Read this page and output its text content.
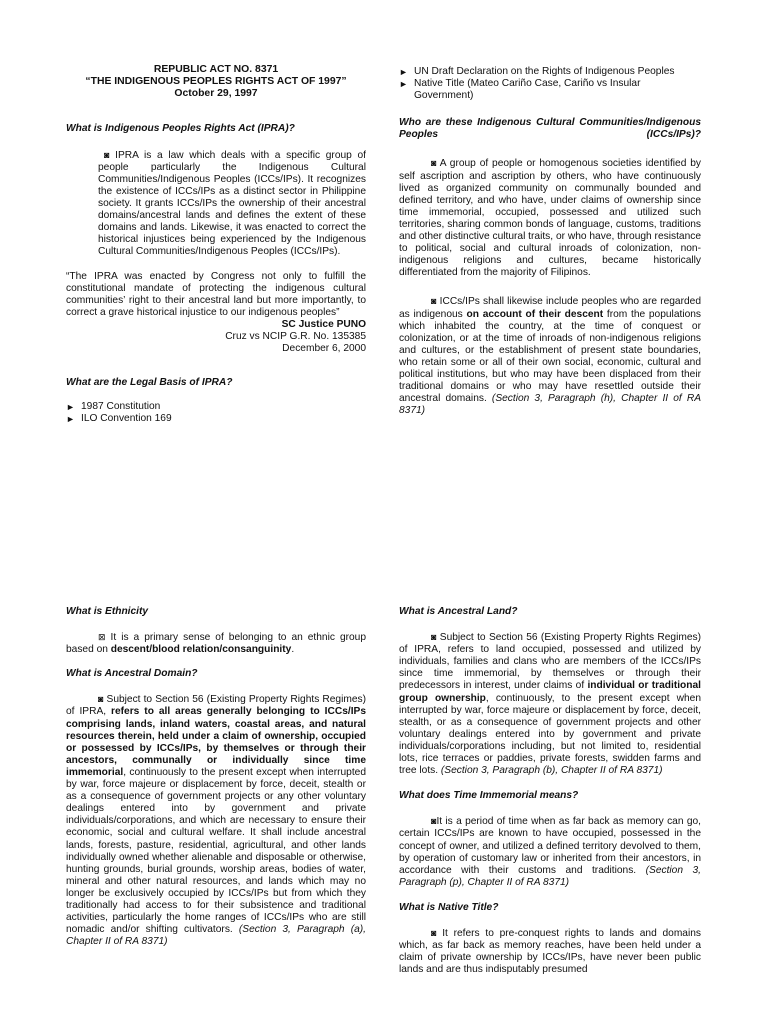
REPUBLIC ACT NO. 8371

“THE INDIGENOUS PEOPLES RIGHTS ACT OF 1997”

October 29, 1997

What is Indigenous Peoples Rights Act (IPRA)?

◙ IPRA is a law which deals with a specific group of people particularly the Indigenous Cultural Communities/Indigenous Peoples (ICCs/IPs). It recognizes the existence of ICCs/IPs as a distinct sector in Philippine society. It grants ICCs/IPs the ownership of their ancestral domains/ancestral lands and defines the extent of these domains and lands. Likewise, it was enacted to correct the historical injustices being experienced by the Indigenous Cultural Communities/Indigenous Peoples (ICCs/IPs).

“The IPRA was enacted by Congress not only to fulfill the constitutional mandate of protecting the indigenous cultural communities’ right to their ancestral land but more importantly, to correct a grave historical injustice to our indigenous peoples”

SC Justice PUNO

Cruz vs NCIP G.R. No. 135385

December 6, 2000

What are the Legal Basis of IPRA?

► 1987 Constitution
► ILO Convention 169
► UN Draft Declaration on the Rights of Indigenous Peoples
► Native Title (Mateo Cariño Case, Cariño vs Insular Government)

Who are these Indigenous Cultural Communities/Indigenous Peoples (ICCs/IPs)?

◙ A group of people or homogenous societies identified by self ascription and ascription by others, who have continuously lived as organized community on communally bounded and defined territory, and who have, under claims of ownership since time immemorial, occupied, possessed and utilized such territories, sharing common bonds of language, customs, traditions and other distinctive cultural traits, or who have, through resistance to political, social and cultural inroads of colonization, non-indigenous religions and cultures, became historically differentiated from the majority of Filipinos.

◙ ICCs/IPs shall likewise include peoples who are regarded as indigenous on account of their descent from the populations which inhabited the country, at the time of conquest or colonization, or at the time of inroads of non-indigenous religions and cultures, or the establishment of present state boundaries, who retain some or all of their own social, economic, cultural and political institutions, but who may have been displaced from their traditional domains or who may have resettled outside their ancestral domains. (Section 3, Paragraph (h), Chapter II of RA 8371)

What is Ethnicity

⊠ It is a primary sense of belonging to an ethnic group based on descent/blood relation/consanguinity.

What is Ancestral Domain?

◙ Subject to Section 56 (Existing Property Rights Regimes) of IPRA, refers to all areas generally belonging to ICCs/IPs comprising lands, inland waters, coastal areas, and natural resources therein, held under a claim of ownership, occupied or possessed by ICCs/IPs, by themselves or through their ancestors, communally or individually since time immemorial, continuously to the present except when interrupted by war, force majeure or displacement by force, deceit, stealth or as a consequence of government projects or any other voluntary dealings entered into by government and private individuals/corporations, and which are necessary to ensure their economic, social and cultural welfare. It shall include ancestral lands, forests, pasture, residential, agricultural, and other lands individually owned whether alienable and disposable or otherwise, hunting grounds, burial grounds, worship areas, bodies of water, mineral and other natural resources, and lands which may no longer be exclusively occupied by ICCs/IPs but from which they traditionally had access to for their subsistence and traditional activities, particularly the home ranges of ICCs/IPs who are still nomadic and/or shifting cultivators. (Section 3, Paragraph (a), Chapter II of RA 8371)

What is Ancestral Land?

◙ Subject to Section 56 (Existing Property Rights Regimes) of IPRA, refers to land occupied, possessed and utilized by individuals, families and clans who are members of the ICCs/IPs since time immemorial, by themselves or through their predecessors in interest, under claims of individual or traditional group ownership, continuously, to the present except when interrupted by war, force majeure or displacement by force, deceit, stealth, or as a consequence of government projects and other voluntary dealings entered into by government and private individuals/corporations including, but not limited to, residential lots, rice terraces or paddies, private forests, swidden farms and tree lots. (Section 3, Paragraph (b), Chapter II of RA 8371)

What does Time Immemorial means?

◙It is a period of time when as far back as memory can go, certain ICCs/IPs are known to have occupied, possessed in the concept of owner, and utilized a defined territory devolved to them, by operation of customary law or inherited from their ancestors, in accordance with their customs and traditions. (Section 3, Paragraph (p), Chapter II of RA 8371)

What is Native Title?

◙ It refers to pre-conquest rights to lands and domains which, as far back as memory reaches, have been held under a claim of private ownership by ICCs/IPs, have never been public lands and are thus indisputably presumed
